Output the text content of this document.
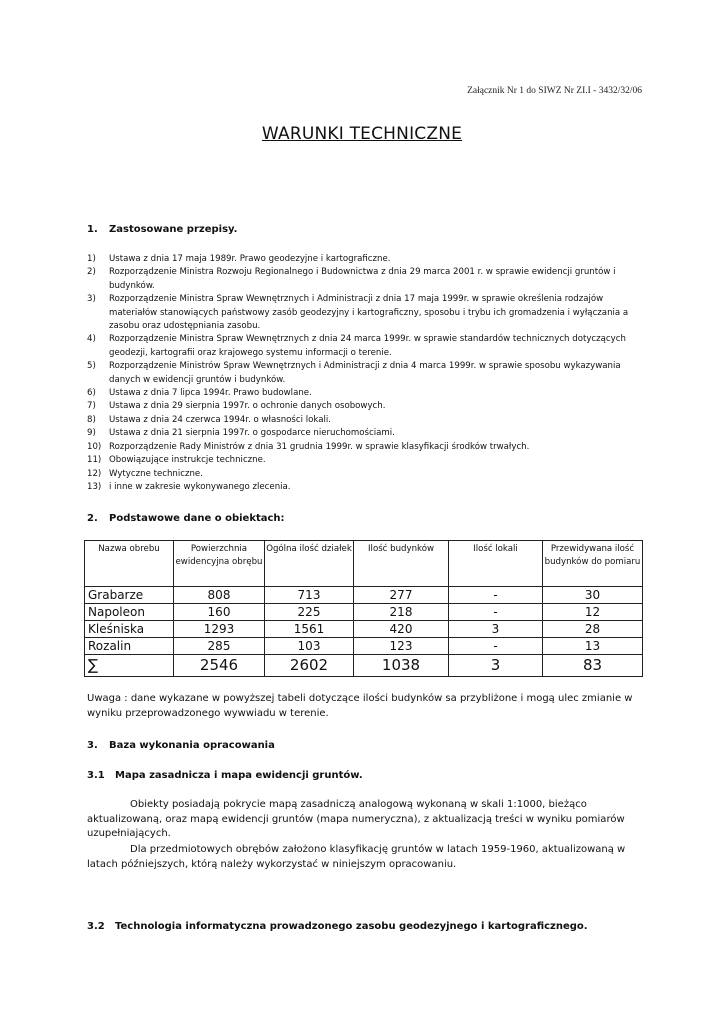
Załącznik Nr 1 do SIWZ Nr ZI.I - 3432/32/06
WARUNKI TECHNICZNE
1. Zastosowane przepisy.
1) Ustawa z dnia 17 maja 1989r. Prawo geodezyjne i kartograficzne.
2) Rozporządzenie Ministra Rozwoju Regionalnego i Budownictwa z dnia 29 marca 2001 r. w sprawie ewidencji gruntów i budynków.
3) Rozporządzenie Ministra Spraw Wewnętrznych i Administracji z dnia 17 maja 1999r. w sprawie określenia rodzajów materiałów stanowiących państwowy zasób geodezyjny i kartograficzny, sposobu i trybu ich gromadzenia i wyłączania a zasobu oraz udostępniania zasobu.
4) Rozporządzenie Ministra Spraw Wewnętrznych z dnia 24 marca 1999r. w sprawie standardów technicznych dotyczących geodezji, kartografii oraz krajowego systemu informacji o terenie.
5) Rozporządzenie Ministrów Spraw Wewnętrznych i Administracji z dnia 4 marca 1999r. w sprawie sposobu wykazywania danych w ewidencji gruntów i budynków.
6) Ustawa z dnia 7 lipca 1994r. Prawo budowlane.
7) Ustawa z dnia 29 sierpnia 1997r. o ochronie danych osobowych.
8) Ustawa z dnia 24 czerwca 1994r. o własności lokali.
9) Ustawa z dnia 21 sierpnia 1997r. o gospodarce nieruchomościami.
10) Rozporządzenie Rady Ministrów z dnia 31 grudnia 1999r. w sprawie klasyfikacji środków trwałych.
11) Obowiązujące instrukcje techniczne.
12) Wytyczne techniczne.
13) i inne w zakresie wykonywanego zlecenia.
2. Podstawowe dane o obiektach:
Nazwa obrebu	Powierzchnia ewidencyjna obrębu	Ogólna ilość działek	Ilość budynków	Ilość lokali	Przewidywana ilość budynków do pomiaru
Grabarze	808	713	277	-	30
Napoleon	160	225	218	-	12
Kleśniska	1293	1561	420	3	28
Rozalin	285	103	123	-	13
∑	2546	2602	1038	3	83
Uwaga : dane wykazane w powyższej tabeli dotyczące ilości budynków sa przybliżone i mogą ulec zmianie w wyniku przeprowadzonego wywwiadu w terenie.
3. Baza wykonania opracowania
3.1 Mapa zasadnicza i mapa ewidencji gruntów.

Obiekty posiadają pokrycie mapą zasadniczą analogową wykonaną w skali 1:1000, bieżąco aktualizowaną, oraz mapą ewidencji gruntów (mapa numeryczna), z aktualizacją treści w wyniku pomiarów uzupełniających.

Dla przedmiotowych obrębów założono klasyfikację gruntów w latach 1959-1960, aktualizowaną w latach późniejszych, którą należy wykorzystać w niniejszym opracowaniu.

3.2 Technologia informatyczna prowadzonego zasobu geodezyjnego i kartograficznego.
